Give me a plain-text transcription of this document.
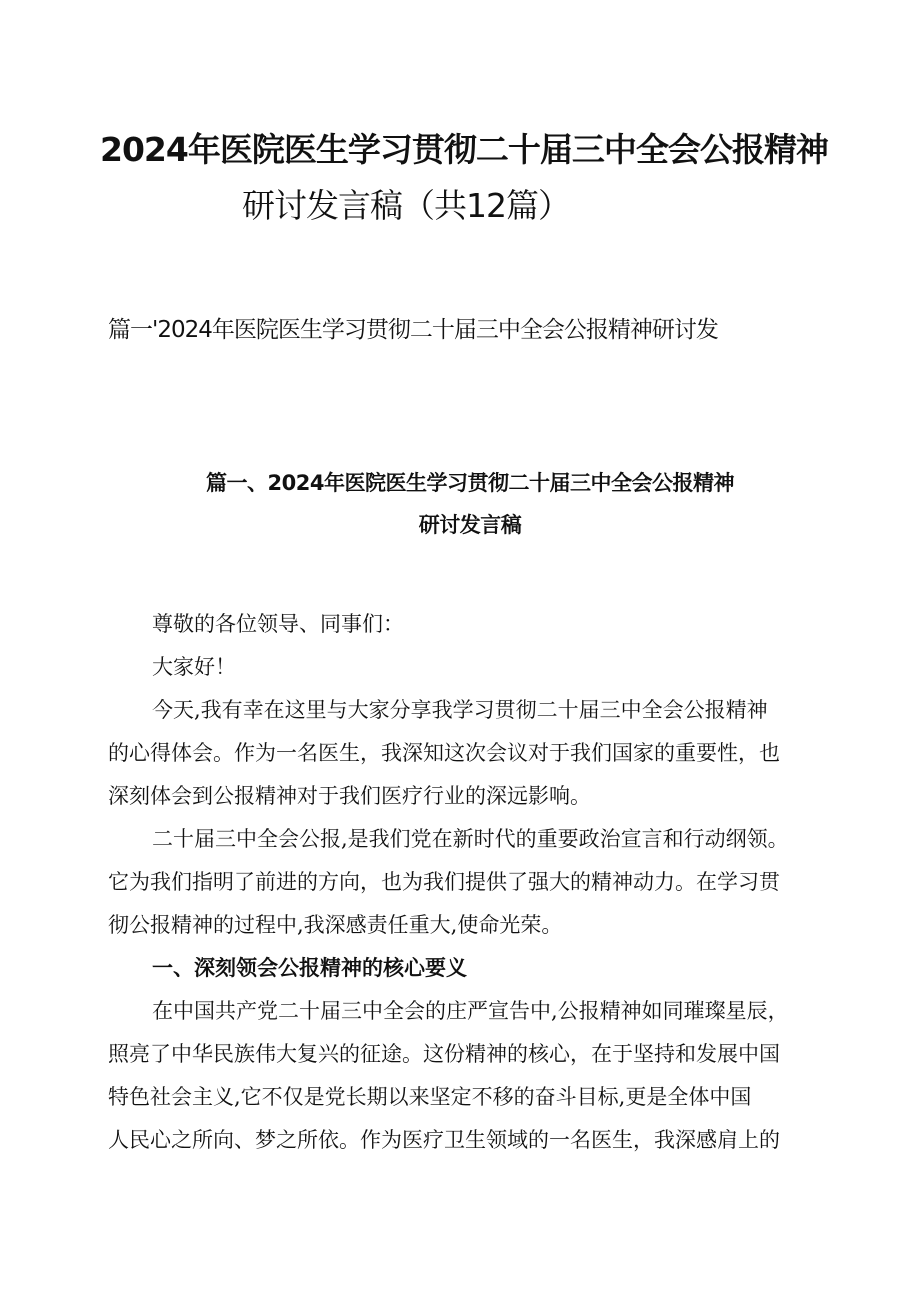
2024年医院医生学习贯彻二十届三中全会公报精神
研讨发言稿（共12篇）
篇一'2024年医院医生学习贯彻二十届三中全会公报精神研讨发
篇一、2024年医院医生学习贯彻二十届三中全会公报精神
研讨发言稿

尊敬的各位领导、同事们：

大家好！

今天,我有幸在这里与大家分享我学习贯彻二十届三中全会公报精神
的心得体会。作为一名医生，我深知这次会议对于我们国家的重要性，也
深刻体会到公报精神对于我们医疗行业的深远影响。

二十届三中全会公报,是我们党在新时代的重要政治宣言和行动纲领。
它为我们指明了前进的方向，也为我们提供了强大的精神动力。在学习贯
彻公报精神的过程中,我深感责任重大,使命光荣。

一、深刻领会公报精神的核心要义

在中国共产党二十届三中全会的庄严宣告中,公报精神如同璀璨星辰，
照亮了中华民族伟大复兴的征途。这份精神的核心，在于坚持和发展中国
特色社会主义,它不仅是党长期以来坚定不移的奋斗目标,更是全体中国
人民心之所向、梦之所依。作为医疗卫生领域的一名医生，我深感肩上的
